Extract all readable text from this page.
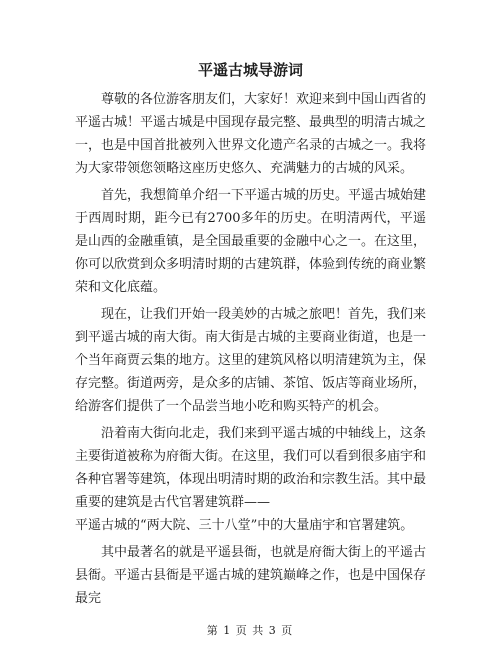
平遥古城导游词

尊敬的各位游客朋友们，大家好！欢迎来到中国山西省的平遥古城！平遥古城是中国现存最完整、最典型的明清古城之一，也是中国首批被列入世界文化遗产名录的古城之一。我将为大家带领您领略这座历史悠久、充满魅力的古城的风采。

首先，我想简单介绍一下平遥古城的历史。平遥古城始建于西周时期，距今已有2700多年的历史。在明清两代，平遥是山西的金融重镇，是全国最重要的金融中心之一。在这里，你可以欣赏到众多明清时期的古建筑群，体验到传统的商业繁荣和文化底蕴。

现在，让我们开始一段美妙的古城之旅吧！首先，我们来到平遥古城的南大街。南大街是古城的主要商业街道，也是一个当年商贾云集的地方。这里的建筑风格以明清建筑为主，保存完整。街道两旁，是众多的店铺、茶馆、饭店等商业场所，给游客们提供了一个品尝当地小吃和购买特产的机会。

沿着南大街向北走，我们来到平遥古城的中轴线上，这条主要街道被称为府衙大街。在这里，我们可以看到很多庙宇和各种官署等建筑，体现出明清时期的政治和宗教生活。其中最重要的建筑是古代官署建筑群——

平遥古城的“两大院、三十八堂”中的大量庙宇和官署建筑。

其中最著名的就是平遥县衙，也就是府衙大街上的平遥古县衙。平遥古县衙是平遥古城的建筑巅峰之作，也是中国保存最完

第 1 页 共 3 页
